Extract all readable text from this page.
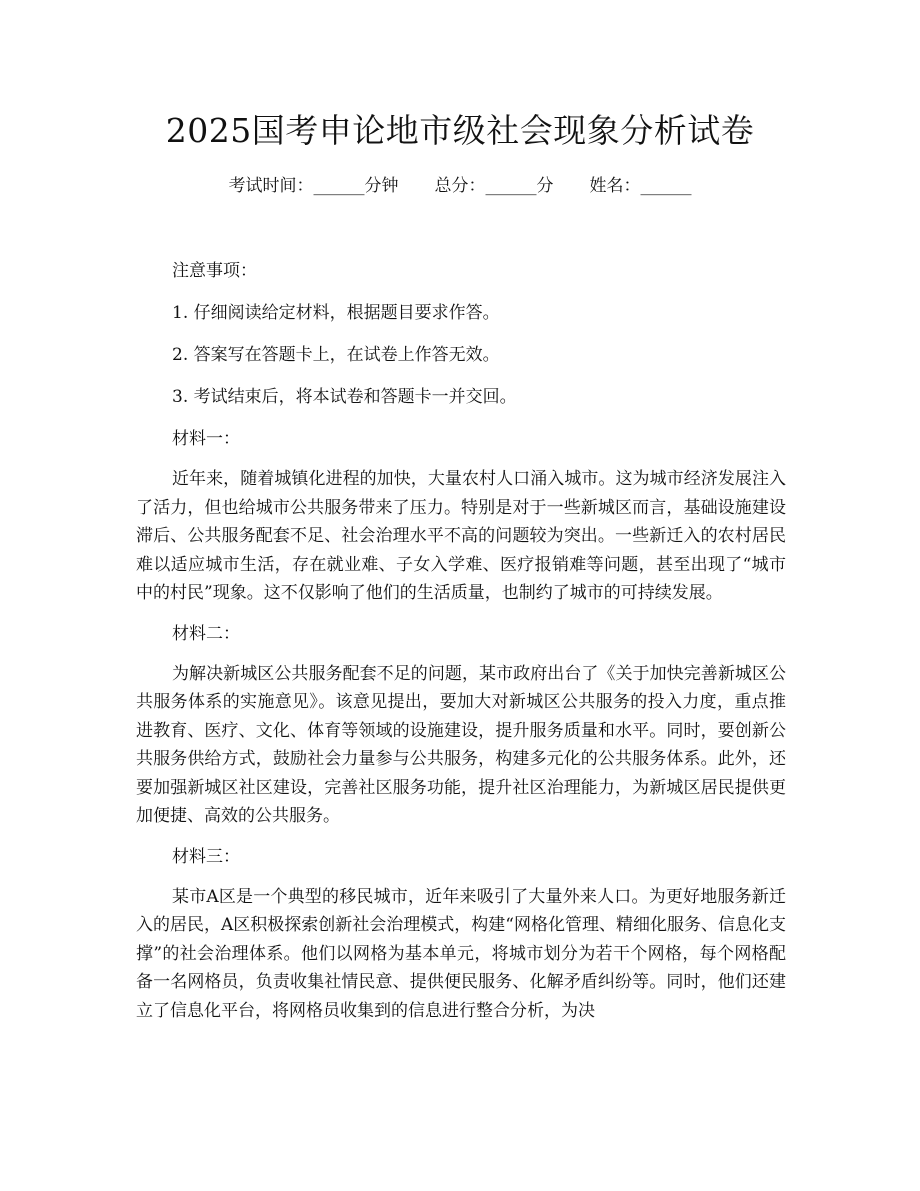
2025国考申论地市级社会现象分析试卷
考试时间：______分钟 总分：______分 姓名：______

注意事项：

1. 仔细阅读给定材料，根据题目要求作答。

2. 答案写在答题卡上，在试卷上作答无效。

3. 考试结束后，将本试卷和答题卡一并交回。

材料一：

近年来，随着城镇化进程的加快，大量农村人口涌入城市。这为城市经济发展注入了活力，但也给城市公共服务带来了压力。特别是对于一些新城区而言，基础设施建设滞后、公共服务配套不足、社会治理水平不高的问题较为突出。一些新迁入的农村居民难以适应城市生活，存在就业难、子女入学难、医疗报销难等问题，甚至出现了“城市中的村民”现象。这不仅影响了他们的生活质量，也制约了城市的可持续发展。

材料二：

为解决新城区公共服务配套不足的问题，某市政府出台了《关于加快完善新城区公共服务体系的实施意见》。该意见提出，要加大对新城区公共服务的投入力度，重点推进教育、医疗、文化、体育等领域的设施建设，提升服务质量和水平。同时，要创新公共服务供给方式，鼓励社会力量参与公共服务，构建多元化的公共服务体系。此外，还要加强新城区社区建设，完善社区服务功能，提升社区治理能力，为新城区居民提供更加便捷、高效的公共服务。

材料三：

某市A区是一个典型的移民城市，近年来吸引了大量外来人口。为更好地服务新迁入的居民，A区积极探索创新社会治理模式，构建“网格化管理、精细化服务、信息化支撑”的社会治理体系。他们以网格为基本单元，将城市划分为若干个网格，每个网格配备一名网格员，负责收集社情民意、提供便民服务、化解矛盾纠纷等。同时，他们还建立了信息化平台，将网格员收集到的信息进行整合分析，为决
